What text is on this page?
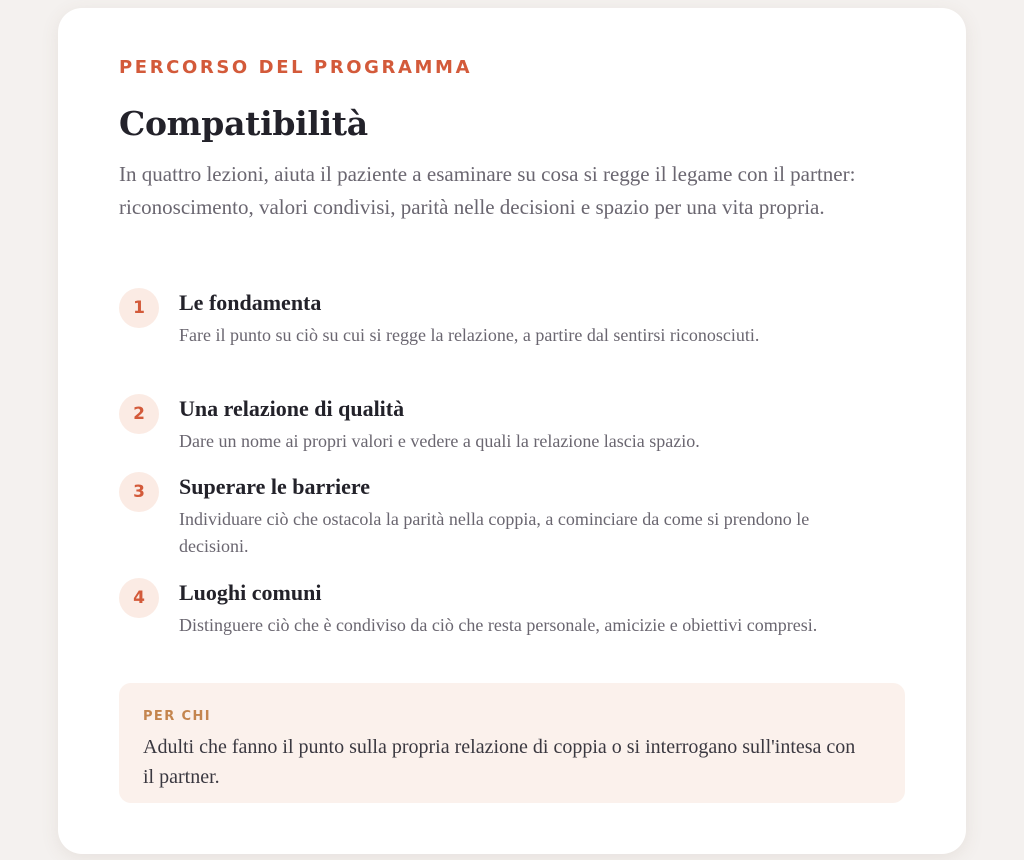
PERCORSO DEL PROGRAMMA
Compatibilità

In quattro lezioni, aiuta il paziente a esaminare su cosa si regge il legame con il partner: riconoscimento, valori condivisi, parità nelle decisioni e spazio per una vita propria.

1	Le fondamenta
Fare il punto su ciò su cui si regge la relazione, a partire dal sentirsi riconosciuti.
2	Una relazione di qualità
Dare un nome ai propri valori e vedere a quali la relazione lascia spazio.
3	Superare le barriere
Individuare ciò che ostacola la parità nella coppia, a cominciare da come si prendono le decisioni.
4	Luoghi comuni
Distinguere ciò che è condiviso da ciò che resta personale, amicizie e obiettivi compresi.
PER CHI
Adulti che fanno il punto sulla propria relazione di coppia o si interrogano sull'intesa con il partner.
